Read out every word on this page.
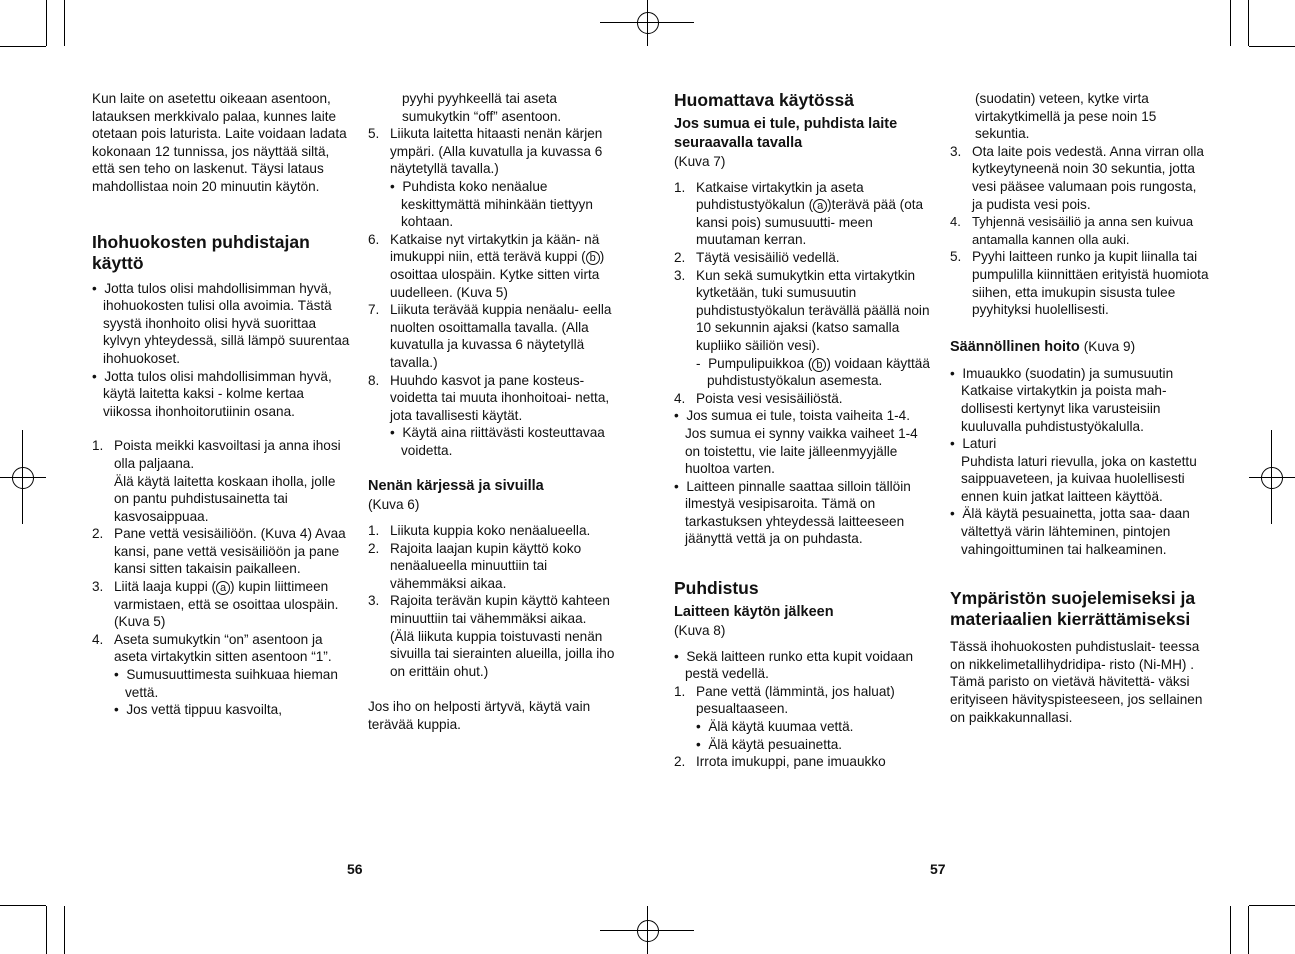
Kun laite on asetettu oikeaan asentoon, latauksen merkkivalo palaa, kunnes laite otetaan pois laturista. Laite voidaan ladata kokonaan 12 tunnissa, jos näyttää siltä, että sen teho on laskenut. Täysi lataus mahdollistaa noin 20 minuutin käytön.

Ihohuokosten puhdistajan käyttö
•  Jotta tulos olisi mahdollisimman hyvä, ihohuokosten tulisi olla avoimia. Tästä syystä ihonhoito olisi hyvä suorittaa kylvyn yhteydessä, sillä lämpö suurentaa ihohuokoset.
•  Jotta tulos olisi mahdollisimman hyvä, käytä laitetta kaksi - kolme kertaa viikossa ihonhoitorutiinin osana.
1. Poista meikki kasvoiltasi ja anna ihosi olla paljaana.
Älä käytä laitetta koskaan iholla, jolle on pantu puhdistusainetta tai kasvosaippuaa.
2. Pane vettä vesisäiliöön. (Kuva 4) Avaa kansi, pane vettä vesisäiliöön ja pane kansi sitten takaisin paikalleen.
3. Liitä laaja kuppi ( a ) kupin liittimeen varmistaen, että se osoittaa ulospäin. (Kuva 5)
4. Aseta sumukytkin “on” asentoon ja aseta virtakytkin sitten asentoon “1”.
•  Sumusuuttimesta suihkuaa hieman vettä.
•  Jos vettä tippuu kasvoilta,

pyyhi pyyhkeellä tai aseta sumukytkin “off” asentoon.

5. Liikuta laitetta hitaasti nenän kärjen ympäri. (Alla kuvatulla ja kuvassa 6 näytetyllä tavalla.)
•  Puhdista koko nenäalue keskittymättä mihinkään tiettyyn kohtaan.
6. Katkaise nyt virtakytkin ja kään- nä imukuppi niin, että terävä kuppi ( b ) osoittaa ulospäin. Kytke sitten virta uudelleen. (Kuva 5)
7. Liikuta terävää kuppia nenäalu- eella nuolten osoittamalla tavalla. (Alla kuvatulla ja kuvassa 6 näytetyllä tavalla.)
8. Huuhdo kasvot ja pane kosteus- voidetta tai muuta ihonhoitoai- netta, jota tavallisesti käytät.
•  Käytä aina riittävästi kosteuttavaa voidetta.
Nenän kärjessä ja sivuilla

(Kuva 6)

1. Liikuta kuppia koko nenäalueella.
2. Rajoita laajan kupin käyttö koko nenäalueella minuuttiin tai vähemmäksi aikaa.
3. Rajoita terävän kupin käyttö kahteen minuuttiin tai vähemmäksi aikaa.
(Älä liikuta kuppia toistuvasti nenän sivuilla tai sierainten alueilla, joilla iho on erittäin ohut.)

Jos iho on helposti ärtyvä, käytä vain terävää kuppia.

Huomattava käytössä
Jos sumua ei tule, puhdista laite seuraavalla tavalla

(Kuva 7)

1. Katkaise virtakytkin ja aseta puhdistustyökalun ( a )terävä pää (ota kansi pois) sumusuutti- meen muutaman kerran.
2. Täytä vesisäiliö vedellä.
3. Kun sekä sumukytkin etta virtakytkin kytketään, tuki sumusuutin puhdistustyökalun terävällä päällä noin 10 sekunnin ajaksi (katso samalla kupliiko säiliön vesi).
-  Pumpulipuikkoa ( b ) voidaan käyttää puhdistustyökalun asemesta.
4. Poista vesi vesisäiliöstä.
•  Jos sumua ei tule, toista vaiheita 1-4. Jos sumua ei synny vaikka vaiheet 1-4 on toistettu, vie laite jälleenmyyjälle huoltoa varten.
•  Laitteen pinnalle saattaa silloin tällöin ilmestyä vesipisaroita. Tämä on tarkastuksen yhteydessä laitteeseen jäänyttä vettä ja on puhdasta.
Puhdistus
Laitteen käytön jälkeen

(Kuva 8)

•  Sekä laitteen runko etta kupit voidaan pestä vedellä.
1. Pane vettä (lämmintä, jos haluat) pesualtaaseen.
•  Älä käytä kuumaa vettä.
•  Älä käytä pesuainetta.
2. Irrota imukuppi, pane imuaukko

(suodatin) veteen, kytke virta virtakytkimellä ja pese noin 15 sekuntia.

3. Ota laite pois vedestä. Anna virran olla kytkeytyneenä noin 30 sekuntia, jotta vesi pääsee valumaan pois rungosta, ja pudista vesi pois.
4. Tyhjennä vesisäiliö ja anna sen kuivua antamalla kannen olla auki.
5. Pyyhi laitteen runko ja kupit liinalla tai pumpulilla kiinnittäen erityistä huomiota siihen, etta imukupin sisusta tulee pyyhityksi huolellisesti.
Säännöllinen hoito (Kuva 9)
•  Imuaukko (suodatin) ja sumusuutin Katkaise virtakytkin ja poista mah- dollisesti kertynyt lika varusteisiin kuuluvalla puhdistustyökalulla.
•  Laturi
Puhdista laturi rievulla, joka on kastettu saippuaveteen, ja kuivaa huolellisesti ennen kuin jatkat laitteen käyttöä.
•  Älä käytä pesuainetta, jotta saa- daan vältettyä värin lähteminen, pintojen vahingoittuminen tai halkeaminen.
Ympäristön suojelemiseksi ja materiaalien kierrättämiseksi

Tässä ihohuokosten puhdistuslait- teessa on nikkelimetallihydridipa- risto (Ni-MH) .

Tämä paristo on vietävä hävitettä- väksi erityiseen hävityspisteeseen, jos sellainen on paikkakunnallasi.

56	57
